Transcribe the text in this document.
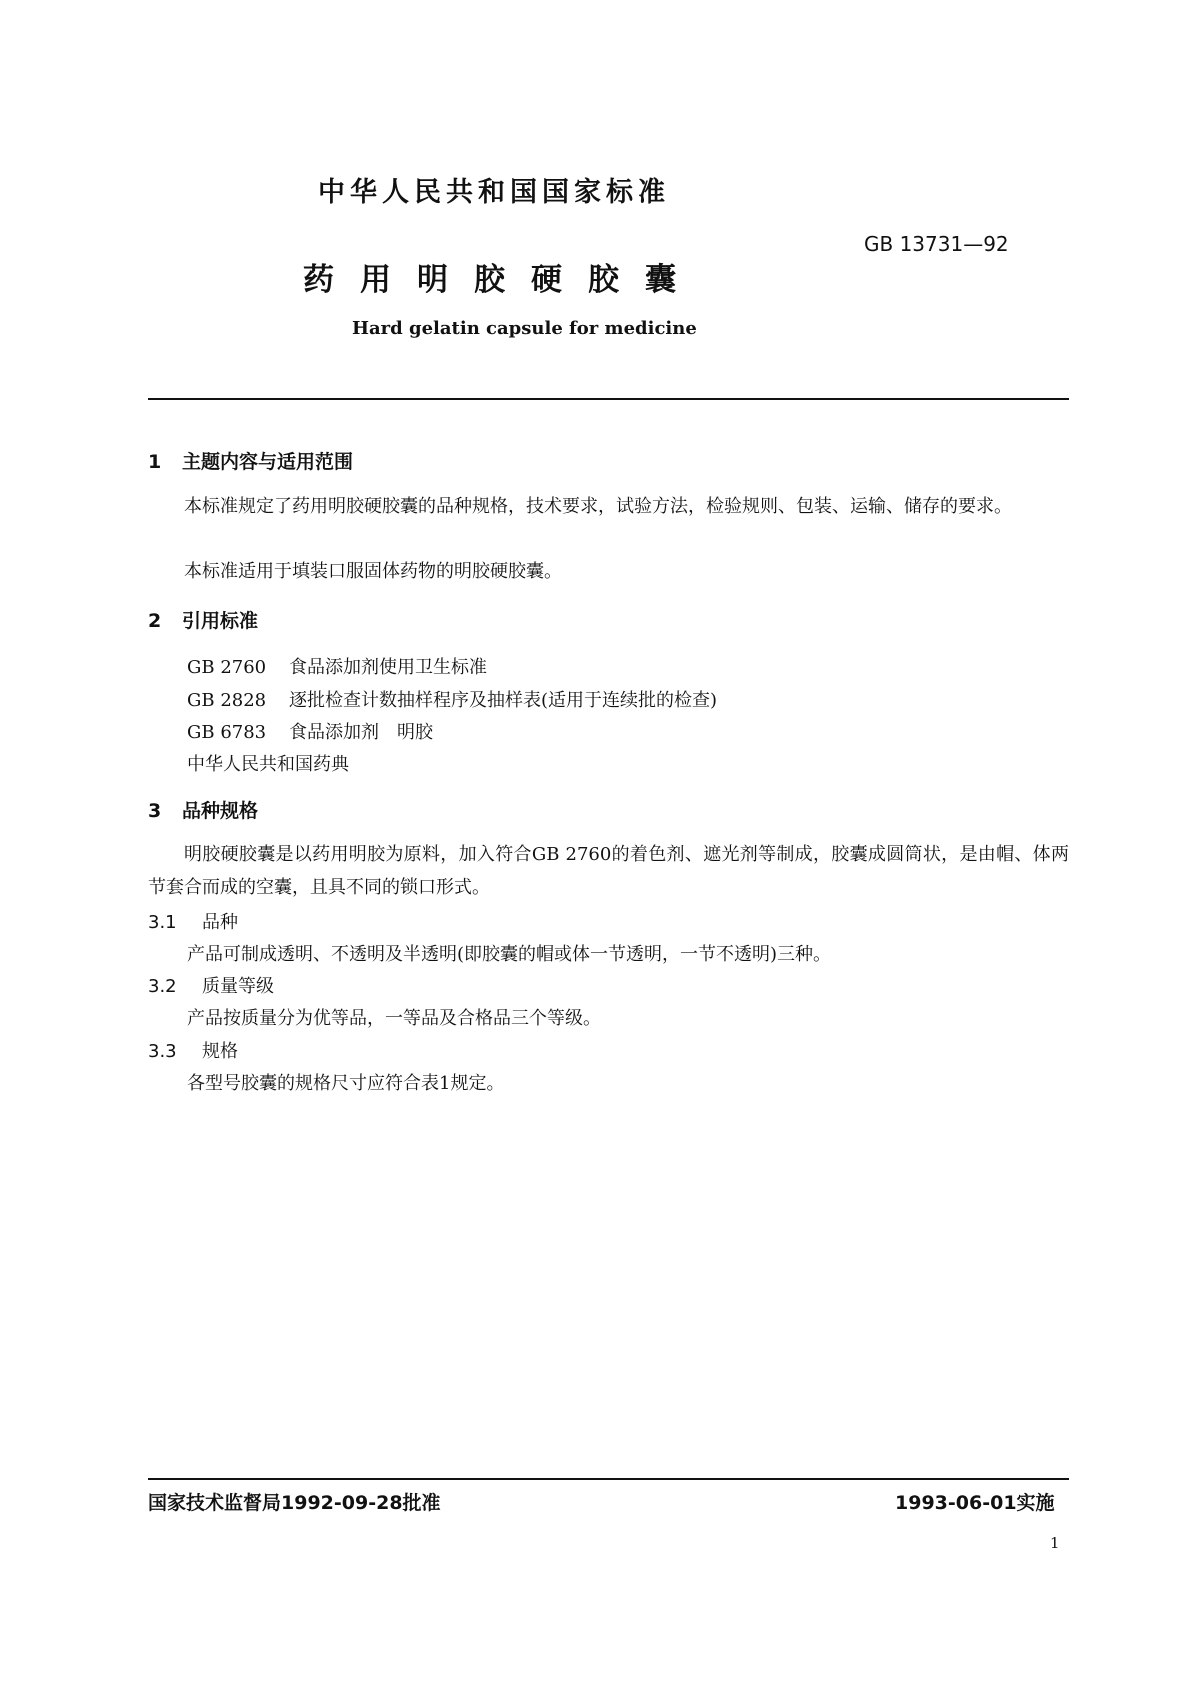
中华人民共和国国家标准
GB 13731—92
药用明胶硬胶囊
Hard gelatin capsule for medicine
1 主题内容与适用范围
本标准规定了药用明胶硬胶囊的品种规格，技术要求，试验方法，检验规则、包装、运输、储存的要求。
本标准适用于填装口服固体药物的明胶硬胶囊。
2 引用标准
GB 2760 食品添加剂使用卫生标准
GB 2828 逐批检查计数抽样程序及抽样表(适用于连续批的检查)
GB 6783 食品添加剂　明胶
中华人民共和国药典
3 品种规格
明胶硬胶囊是以药用明胶为原料，加入符合GB 2760的着色剂、遮光剂等制成，胶囊成圆筒状，是由帽、体两节套合而成的空囊，且具不同的锁口形式。
3.1 品种
产品可制成透明、不透明及半透明(即胶囊的帽或体一节透明，一节不透明)三种。
3.2 质量等级
产品按质量分为优等品，一等品及合格品三个等级。
3.3 规格
各型号胶囊的规格尺寸应符合表1规定。
国家技术监督局1992-09-28批准	1993-06-01实施
1
